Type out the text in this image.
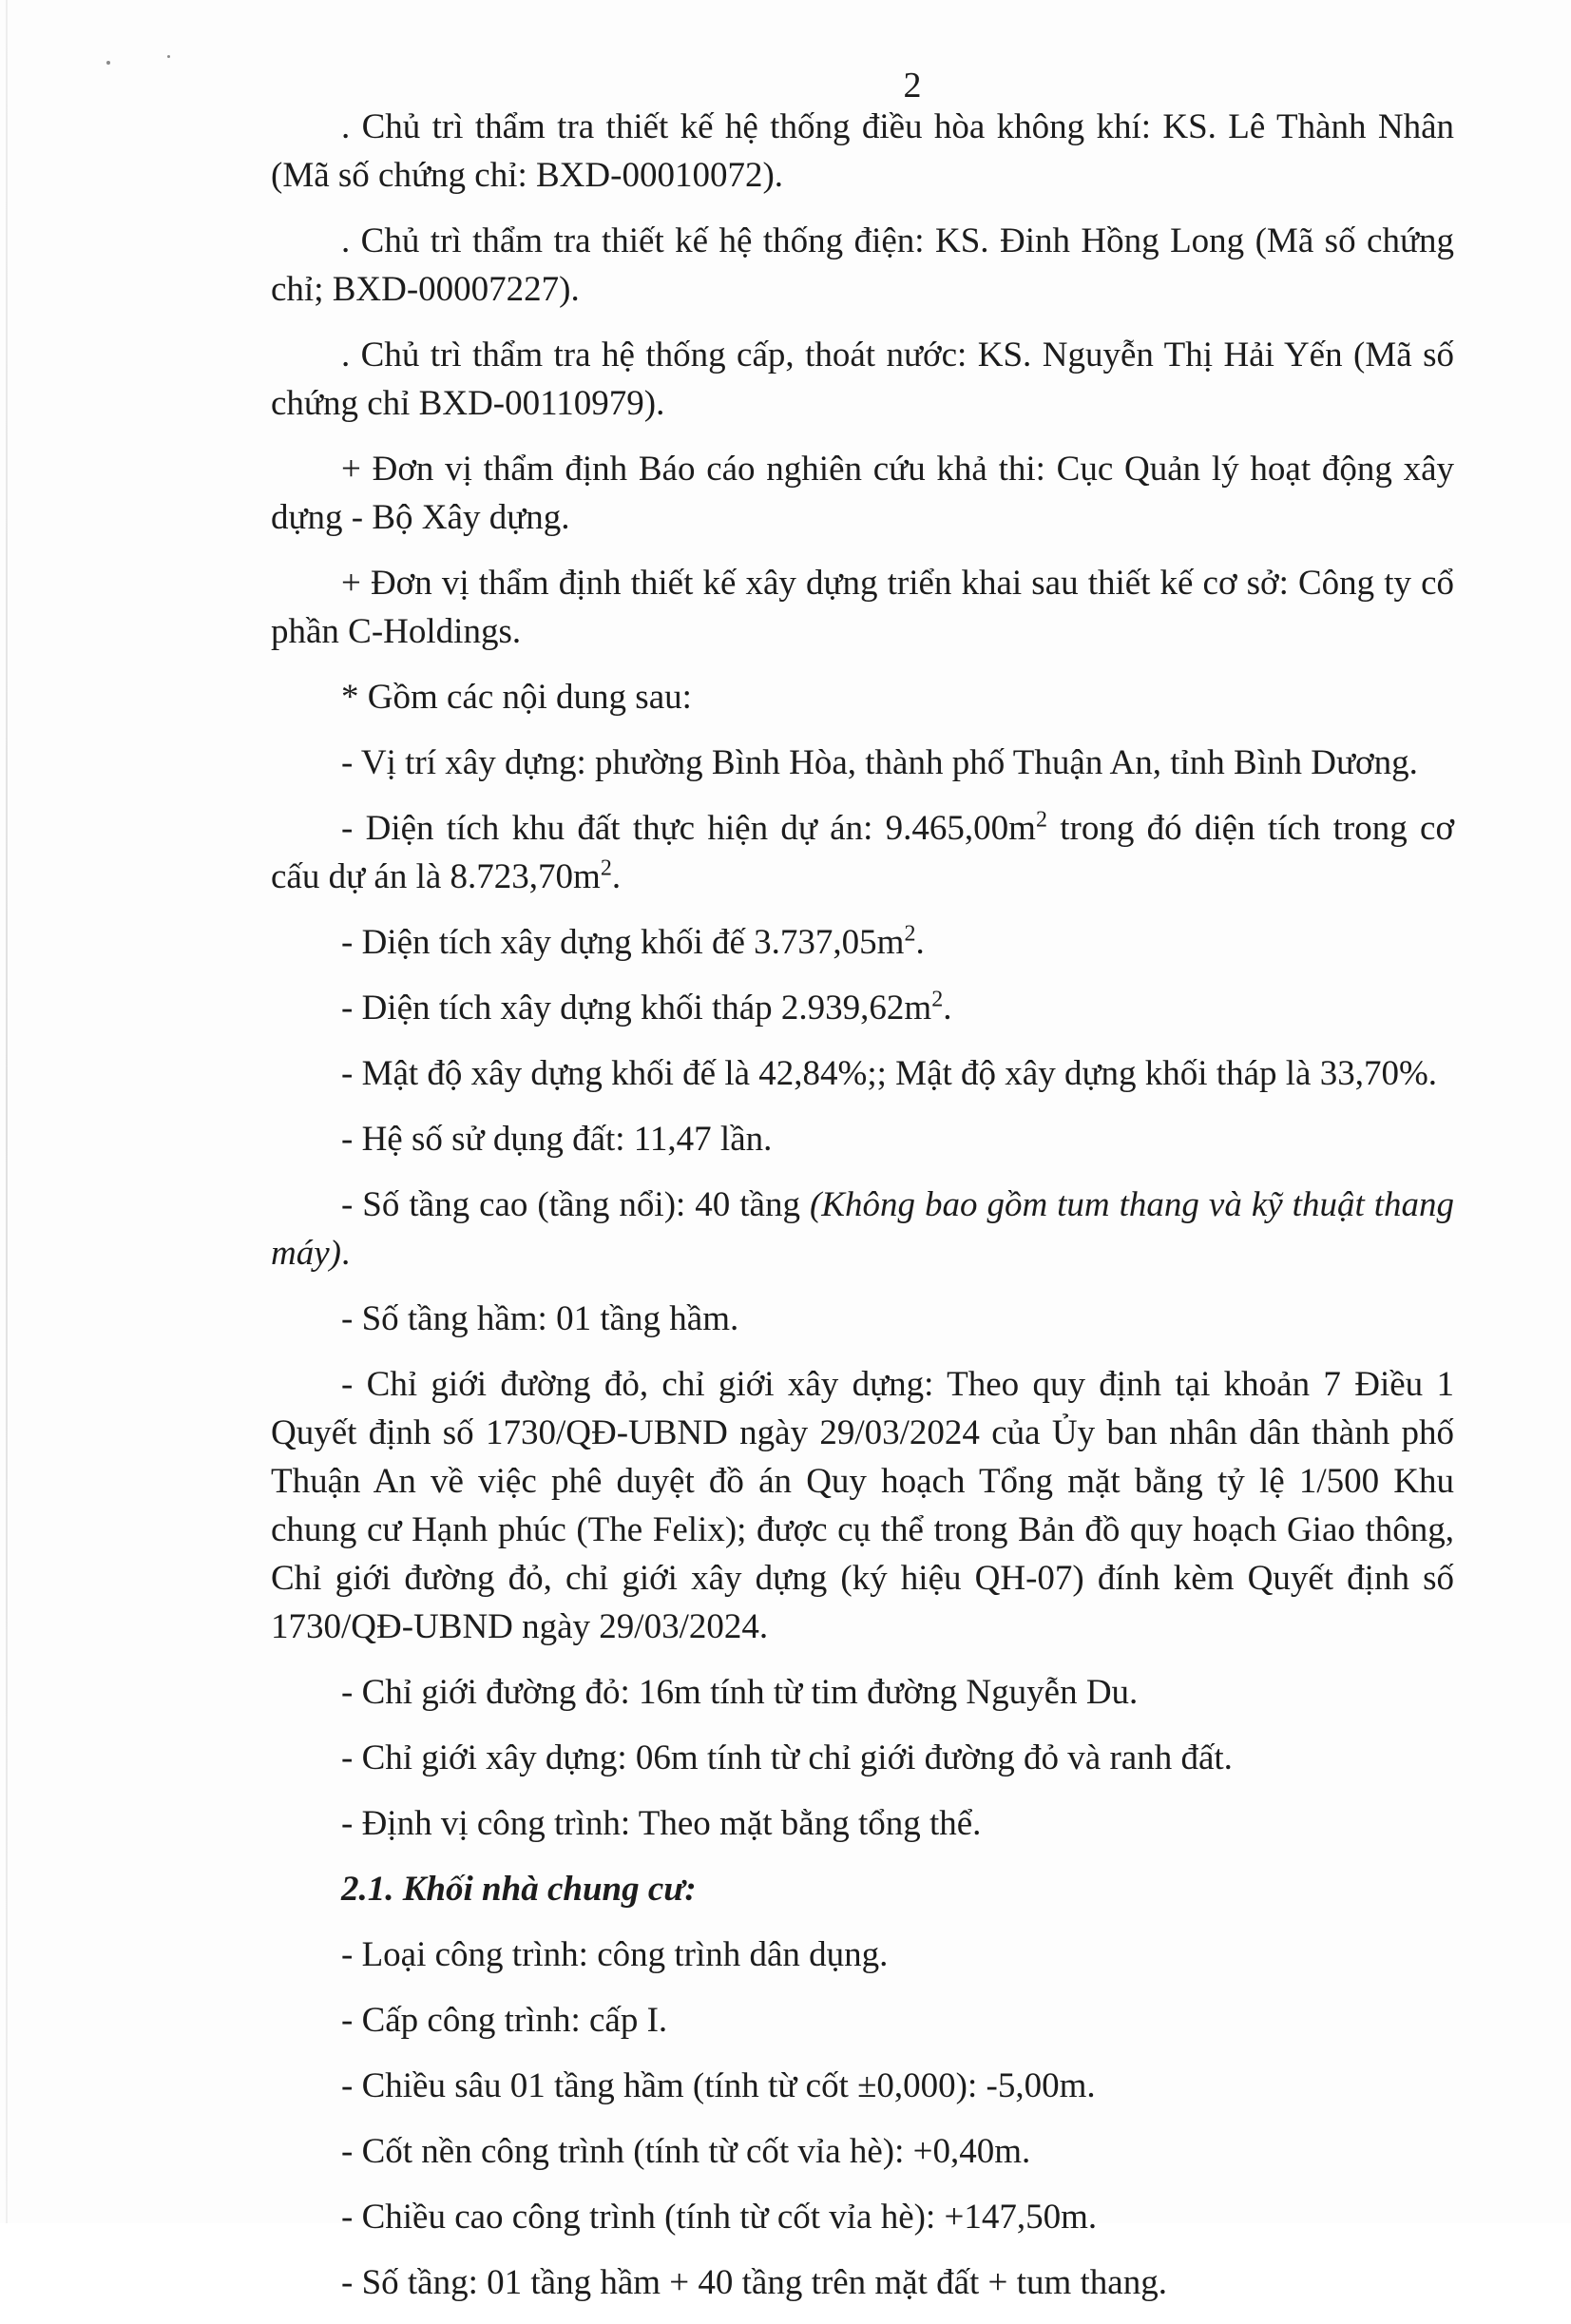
2

. Chủ trì thẩm tra thiết kế hệ thống điều hòa không khí: KS. Lê Thành Nhân (Mã số chứng chỉ: BXD-00010072).

. Chủ trì thẩm tra thiết kế hệ thống điện: KS. Đinh Hồng Long (Mã số chứng chỉ; BXD-00007227).

. Chủ trì thẩm tra hệ thống cấp, thoát nước: KS. Nguyễn Thị Hải Yến (Mã số chứng chỉ BXD-00110979).

+ Đơn vị thẩm định Báo cáo nghiên cứu khả thi: Cục Quản lý hoạt động xây dựng - Bộ Xây dựng.

+ Đơn vị thẩm định thiết kế xây dựng triển khai sau thiết kế cơ sở: Công ty cổ phần C-Holdings.

* Gồm các nội dung sau:

- Vị trí xây dựng: phường Bình Hòa, thành phố Thuận An, tỉnh Bình Dương.

- Diện tích khu đất thực hiện dự án: $9.465,00m^2$ trong đó diện tích trong cơ cấu dự án là $8.723,70m^2$.

- Diện tích xây dựng khối đế $3.737,05m^2$.

- Diện tích xây dựng khối tháp $2.939,62m^2$.

- Mật độ xây dựng khối đế là 42,84%;; Mật độ xây dựng khối tháp là 33,70%.

- Hệ số sử dụng đất: 11,47 lần.

- Số tầng cao (tầng nổi): 40 tầng (Không bao gồm tum thang và kỹ thuật thang máy).

- Số tầng hầm: 01 tầng hầm.

- Chỉ giới đường đỏ, chỉ giới xây dựng: Theo quy định tại khoản 7 Điều 1 Quyết định số 1730/QĐ-UBND ngày 29/03/2024 của Ủy ban nhân dân thành phố Thuận An về việc phê duyệt đồ án Quy hoạch Tổng mặt bằng tỷ lệ 1/500 Khu chung cư Hạnh phúc (The Felix); được cụ thể trong Bản đồ quy hoạch Giao thông, Chỉ giới đường đỏ, chỉ giới xây dựng (ký hiệu QH-07) đính kèm Quyết định số 1730/QĐ-UBND ngày 29/03/2024.

- Chỉ giới đường đỏ: 16m tính từ tim đường Nguyễn Du.

- Chỉ giới xây dựng: 06m tính từ chỉ giới đường đỏ và ranh đất.

- Định vị công trình: Theo mặt bằng tổng thể.

2.1. Khối nhà chung cư:

- Loại công trình: công trình dân dụng.

- Cấp công trình: cấp I.

- Chiều sâu 01 tầng hầm (tính từ cốt ±0,000): -5,00m.

- Cốt nền công trình (tính từ cốt vỉa hè): +0,40m.

- Chiều cao công trình (tính từ cốt vỉa hè): +147,50m.

- Số tầng: 01 tầng hầm + 40 tầng trên mặt đất + tum thang.
